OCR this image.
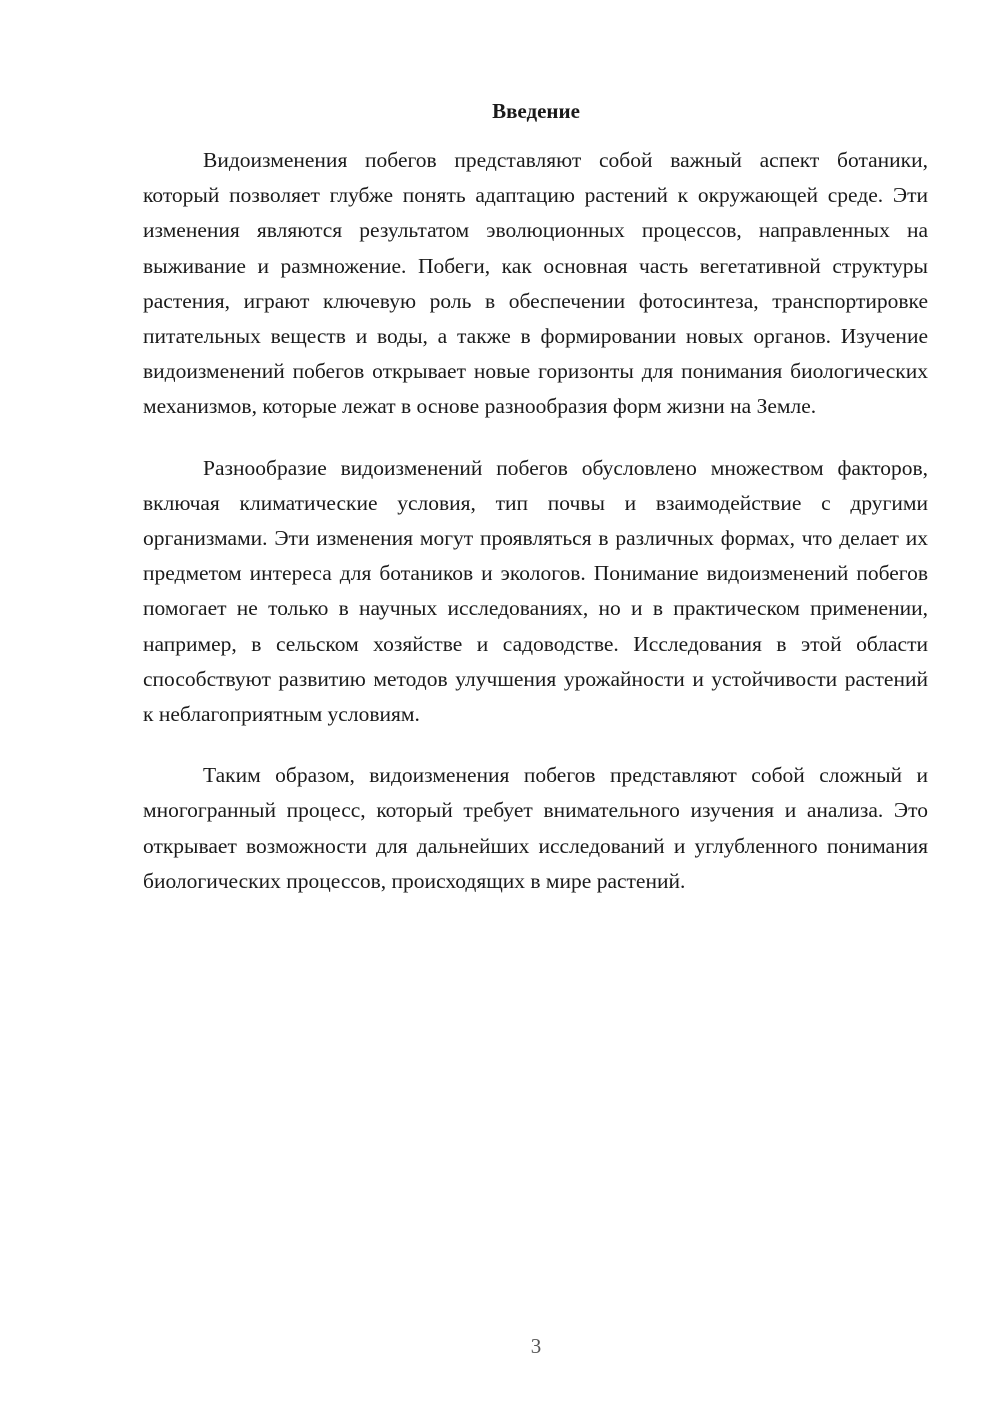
Введение

Видоизменения побегов представляют собой важный аспект ботаники, который позволяет глубже понять адаптацию растений к окружающей среде. Эти изменения являются результатом эволюционных процессов, направленных на выживание и размножение. Побеги, как основная часть вегетативной структуры растения, играют ключевую роль в обеспечении фотосинтеза, транспортировке питательных веществ и воды, а также в формировании новых органов. Изучение видоизменений побегов открывает новые горизонты для понимания биологических механизмов, которые лежат в основе разнообразия форм жизни на Земле.

Разнообразие видоизменений побегов обусловлено множеством факторов, включая климатические условия, тип почвы и взаимодействие с другими организмами. Эти изменения могут проявляться в различных формах, что делает их предметом интереса для ботаников и экологов. Понимание видоизменений побегов помогает не только в научных исследованиях, но и в практическом применении, например, в сельском хозяйстве и садоводстве. Исследования в этой области способствуют развитию методов улучшения урожайности и устойчивости растений к неблагоприятным условиям.

Таким образом, видоизменения побегов представляют собой сложный и многогранный процесс, который требует внимательного изучения и анализа. Это открывает возможности для дальнейших исследований и углубленного понимания биологических процессов, происходящих в мире растений.

3
